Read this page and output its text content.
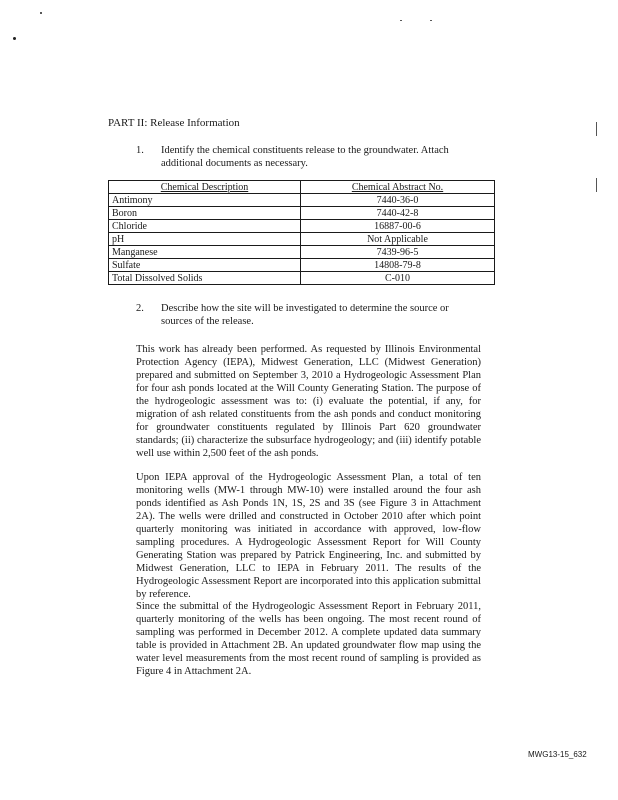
PART II: Release Information
1. Identify the chemical constituents release to the groundwater. Attach additional documents as necessary.
Chemical Description	Chemical Abstract No.
Antimony	7440-36-0
Boron	7440-42-8
Chloride	16887-00-6
pH	Not Applicable
Manganese	7439-96-5
Sulfate	14808-79-8
Total Dissolved Solids	C-010
2. Describe how the site will be investigated to determine the source or sources of the release.
This work has already been performed. As requested by Illinois Environmental Protection Agency (IEPA), Midwest Generation, LLC (Midwest Generation) prepared and submitted on September 3, 2010 a Hydrogeologic Assessment Plan for four ash ponds located at the Will County Generating Station. The purpose of the hydrogeologic assessment was to: (i) evaluate the potential, if any, for migration of ash related constituents from the ash ponds and conduct monitoring for groundwater constituents regulated by Illinois Part 620 groundwater standards; (ii) characterize the subsurface hydrogeology; and (iii) identify potable well use within 2,500 feet of the ash ponds.
Upon IEPA approval of the Hydrogeologic Assessment Plan, a total of ten monitoring wells (MW-1 through MW-10) were installed around the four ash ponds identified as Ash Ponds 1N, 1S, 2S and 3S (see Figure 3 in Attachment 2A). The wells were drilled and constructed in October 2010 after which point quarterly monitoring was initiated in accordance with approved, low-flow sampling procedures. A Hydrogeologic Assessment Report for Will County Generating Station was prepared by Patrick Engineering, Inc. and submitted by Midwest Generation, LLC to IEPA in February 2011. The results of the Hydrogeologic Assessment Report are incorporated into this application submittal by reference.
Since the submittal of the Hydrogeologic Assessment Report in February 2011, quarterly monitoring of the wells has been ongoing. The most recent round of sampling was performed in December 2012. A complete updated data summary table is provided in Attachment 2B. An updated groundwater flow map using the water level measurements from the most recent round of sampling is provided as Figure 4 in Attachment 2A.
MWG13-15_632
